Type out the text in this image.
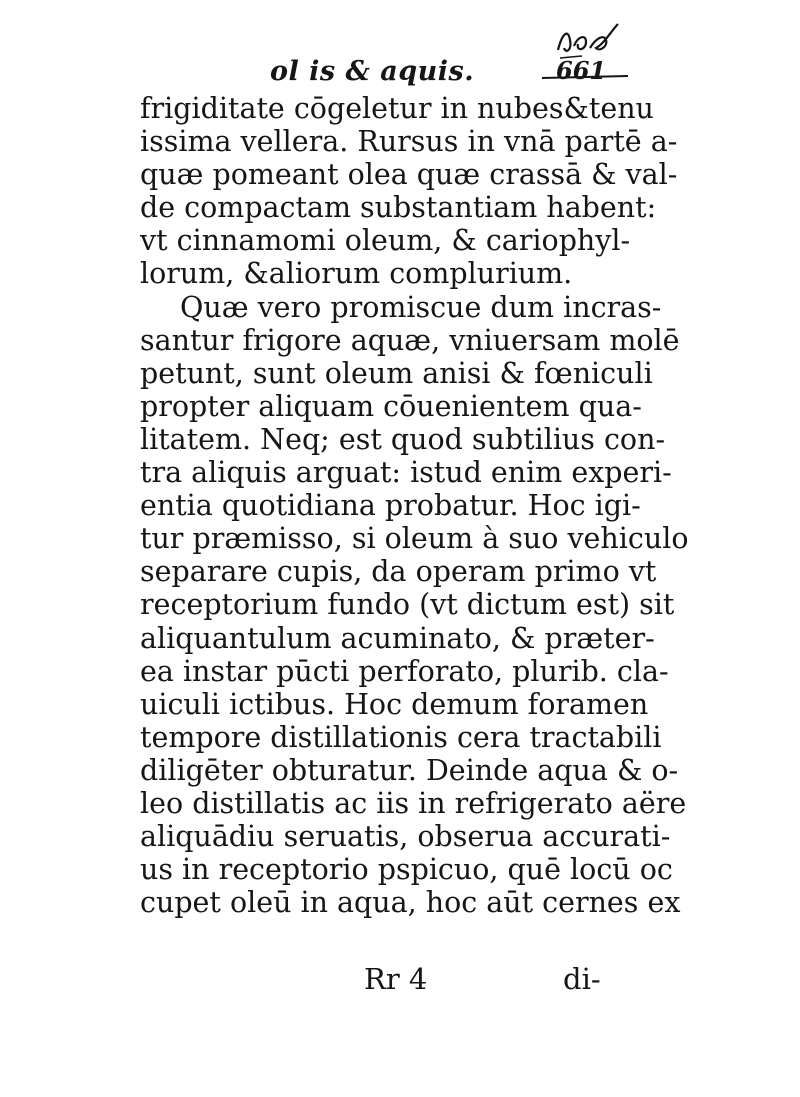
ol is & aquis.	661
frigiditate cōgeletur in nubes&tenu
issima vellera. Rursus in vnā partē a-
quæ pomeant olea quæ crassā & val-
de compactam substantiam habent:
vt cinnamomi oleum, & cariophyl-
lorum, &aliorum complurium.
Quæ vero promiscue dum incras-
santur frigore aquæ, vniuersam molē
petunt, sunt oleum anisi & fœniculi
propter aliquam cōuenientem qua-
litatem. Neq; est quod subtilius con-
tra aliquis arguat: istud enim experi-
entia quotidiana probatur. Hoc igi-
tur præmisso, si oleum à suo vehiculo
separare cupis, da operam primo vt
receptorium fundo (vt dictum est) sit
aliquantulum acuminato, & præter-
ea instar pūcti perforato, plurib. cla-
uiculi ictibus. Hoc demum foramen
tempore distillationis cera tractabili
diligēter obturatur. Deinde aqua & o-
leo distillatis ac iis in refrigerato aëre
aliquādiu seruatis, obserua accurati-
us in receptorio pspicuo, quē locū oc
cupet oleū in aqua, hoc aūt cernes ex
Rr 4	di-
